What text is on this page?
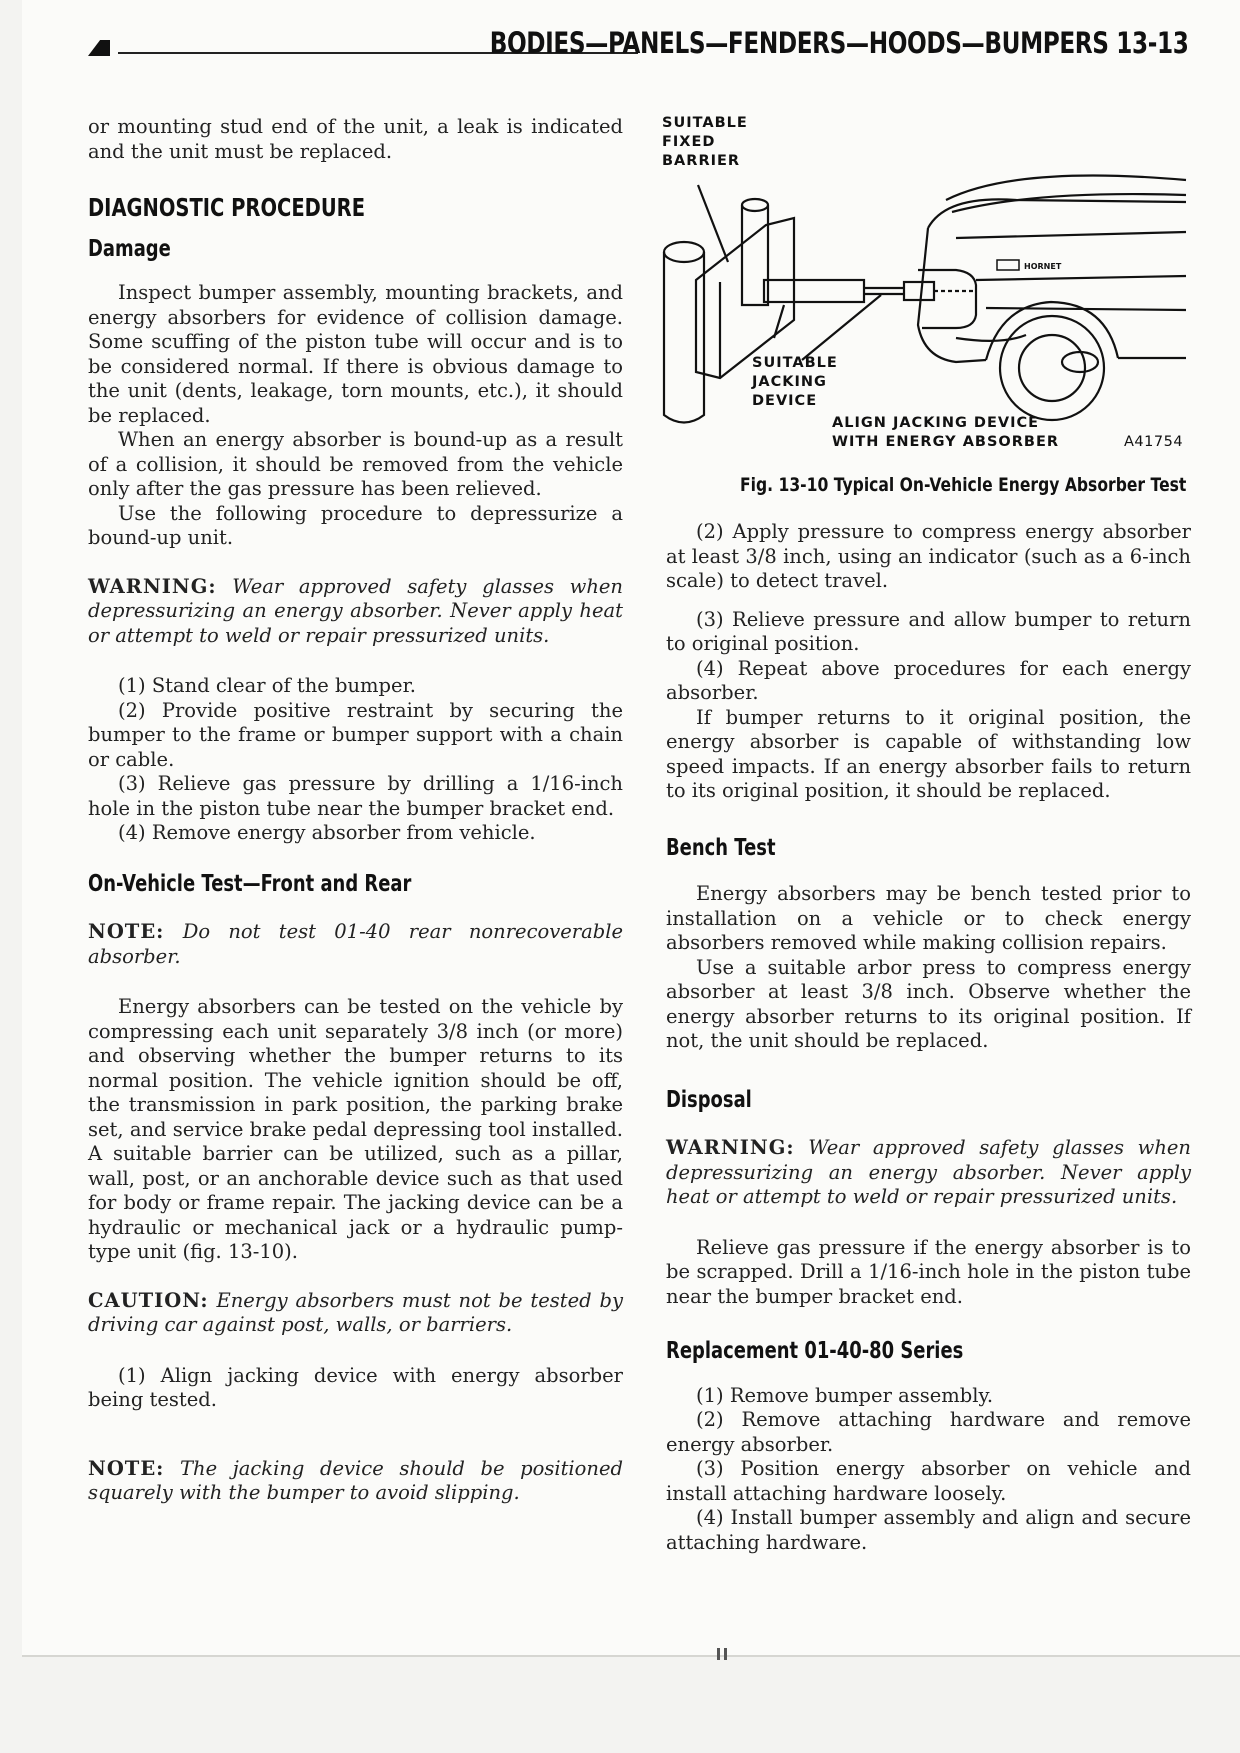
BODIES—PANELS—FENDERS—HOODS—BUMPERS 13-13
HORNET
SUITABLE
FIXED
BARRIER
SUITABLE
JACKING
DEVICE
ALIGN JACKING DEVICE
WITH ENERGY ABSORBER	A41754
Fig. 13-10 Typical On-Vehicle Energy Absorber Test

or mounting stud end of the unit, a leak is indicated and the unit must be replaced.

DIAGNOSTIC PROCEDURE
Damage

Inspect bumper assembly, mounting brackets, and energy absorbers for evidence of collision damage. Some scuffing of the piston tube will occur and is to be considered normal. If there is obvious damage to the unit (dents, leakage, torn mounts, etc.), it should be replaced.

When an energy absorber is bound-up as a result of a collision, it should be removed from the vehicle only after the gas pressure has been relieved.

Use the following procedure to depressurize a bound-up unit.

WARNING: Wear approved safety glasses when depressurizing an energy absorber. Never apply heat or attempt to weld or repair pressurized units.

(1) Stand clear of the bumper.

(2) Provide positive restraint by securing the bumper to the frame or bumper support with a chain or cable.

(3) Relieve gas pressure by drilling a 1/16-inch hole in the piston tube near the bumper bracket end.

(4) Remove energy absorber from vehicle.

On-Vehicle Test—Front and Rear

NOTE: Do not test 01-40 rear nonrecoverable absorber.

Energy absorbers can be tested on the vehicle by compressing each unit separately 3/8 inch (or more) and observing whether the bumper returns to its normal position. The vehicle ignition should be off, the transmission in park position, the parking brake set, and service brake pedal depressing tool installed. A suitable barrier can be utilized, such as a pillar, wall, post, or an anchorable device such as that used for body or frame repair. The jacking device can be a hydraulic or mechanical jack or a hydraulic pump-type unit (fig. 13-10).

CAUTION: Energy absorbers must not be tested by driving car against post, walls, or barriers.

(1) Align jacking device with energy absorber being tested.

NOTE: The jacking device should be positioned squarely with the bumper to avoid slipping.

(2) Apply pressure to compress energy absorber at least 3/8 inch, using an indicator (such as a 6-inch scale) to detect travel.

(3) Relieve pressure and allow bumper to return to original position.

(4) Repeat above procedures for each energy absorber.

If bumper returns to it original position, the energy absorber is capable of withstanding low speed impacts. If an energy absorber fails to return to its original position, it should be replaced.

Bench Test

Energy absorbers may be bench tested prior to installation on a vehicle or to check energy absorbers removed while making collision repairs.

Use a suitable arbor press to compress energy absorber at least 3/8 inch. Observe whether the energy absorber returns to its original position. If not, the unit should be replaced.

Disposal

WARNING: Wear approved safety glasses when depressurizing an energy absorber. Never apply heat or attempt to weld or repair pressurized units.

Relieve gas pressure if the energy absorber is to be scrapped. Drill a 1/16-inch hole in the piston tube near the bumper bracket end.

Replacement 01-40-80 Series

(1) Remove bumper assembly.

(2) Remove attaching hardware and remove energy absorber.

(3) Position energy absorber on vehicle and install attaching hardware loosely.

(4) Install bumper assembly and align and secure attaching hardware.
